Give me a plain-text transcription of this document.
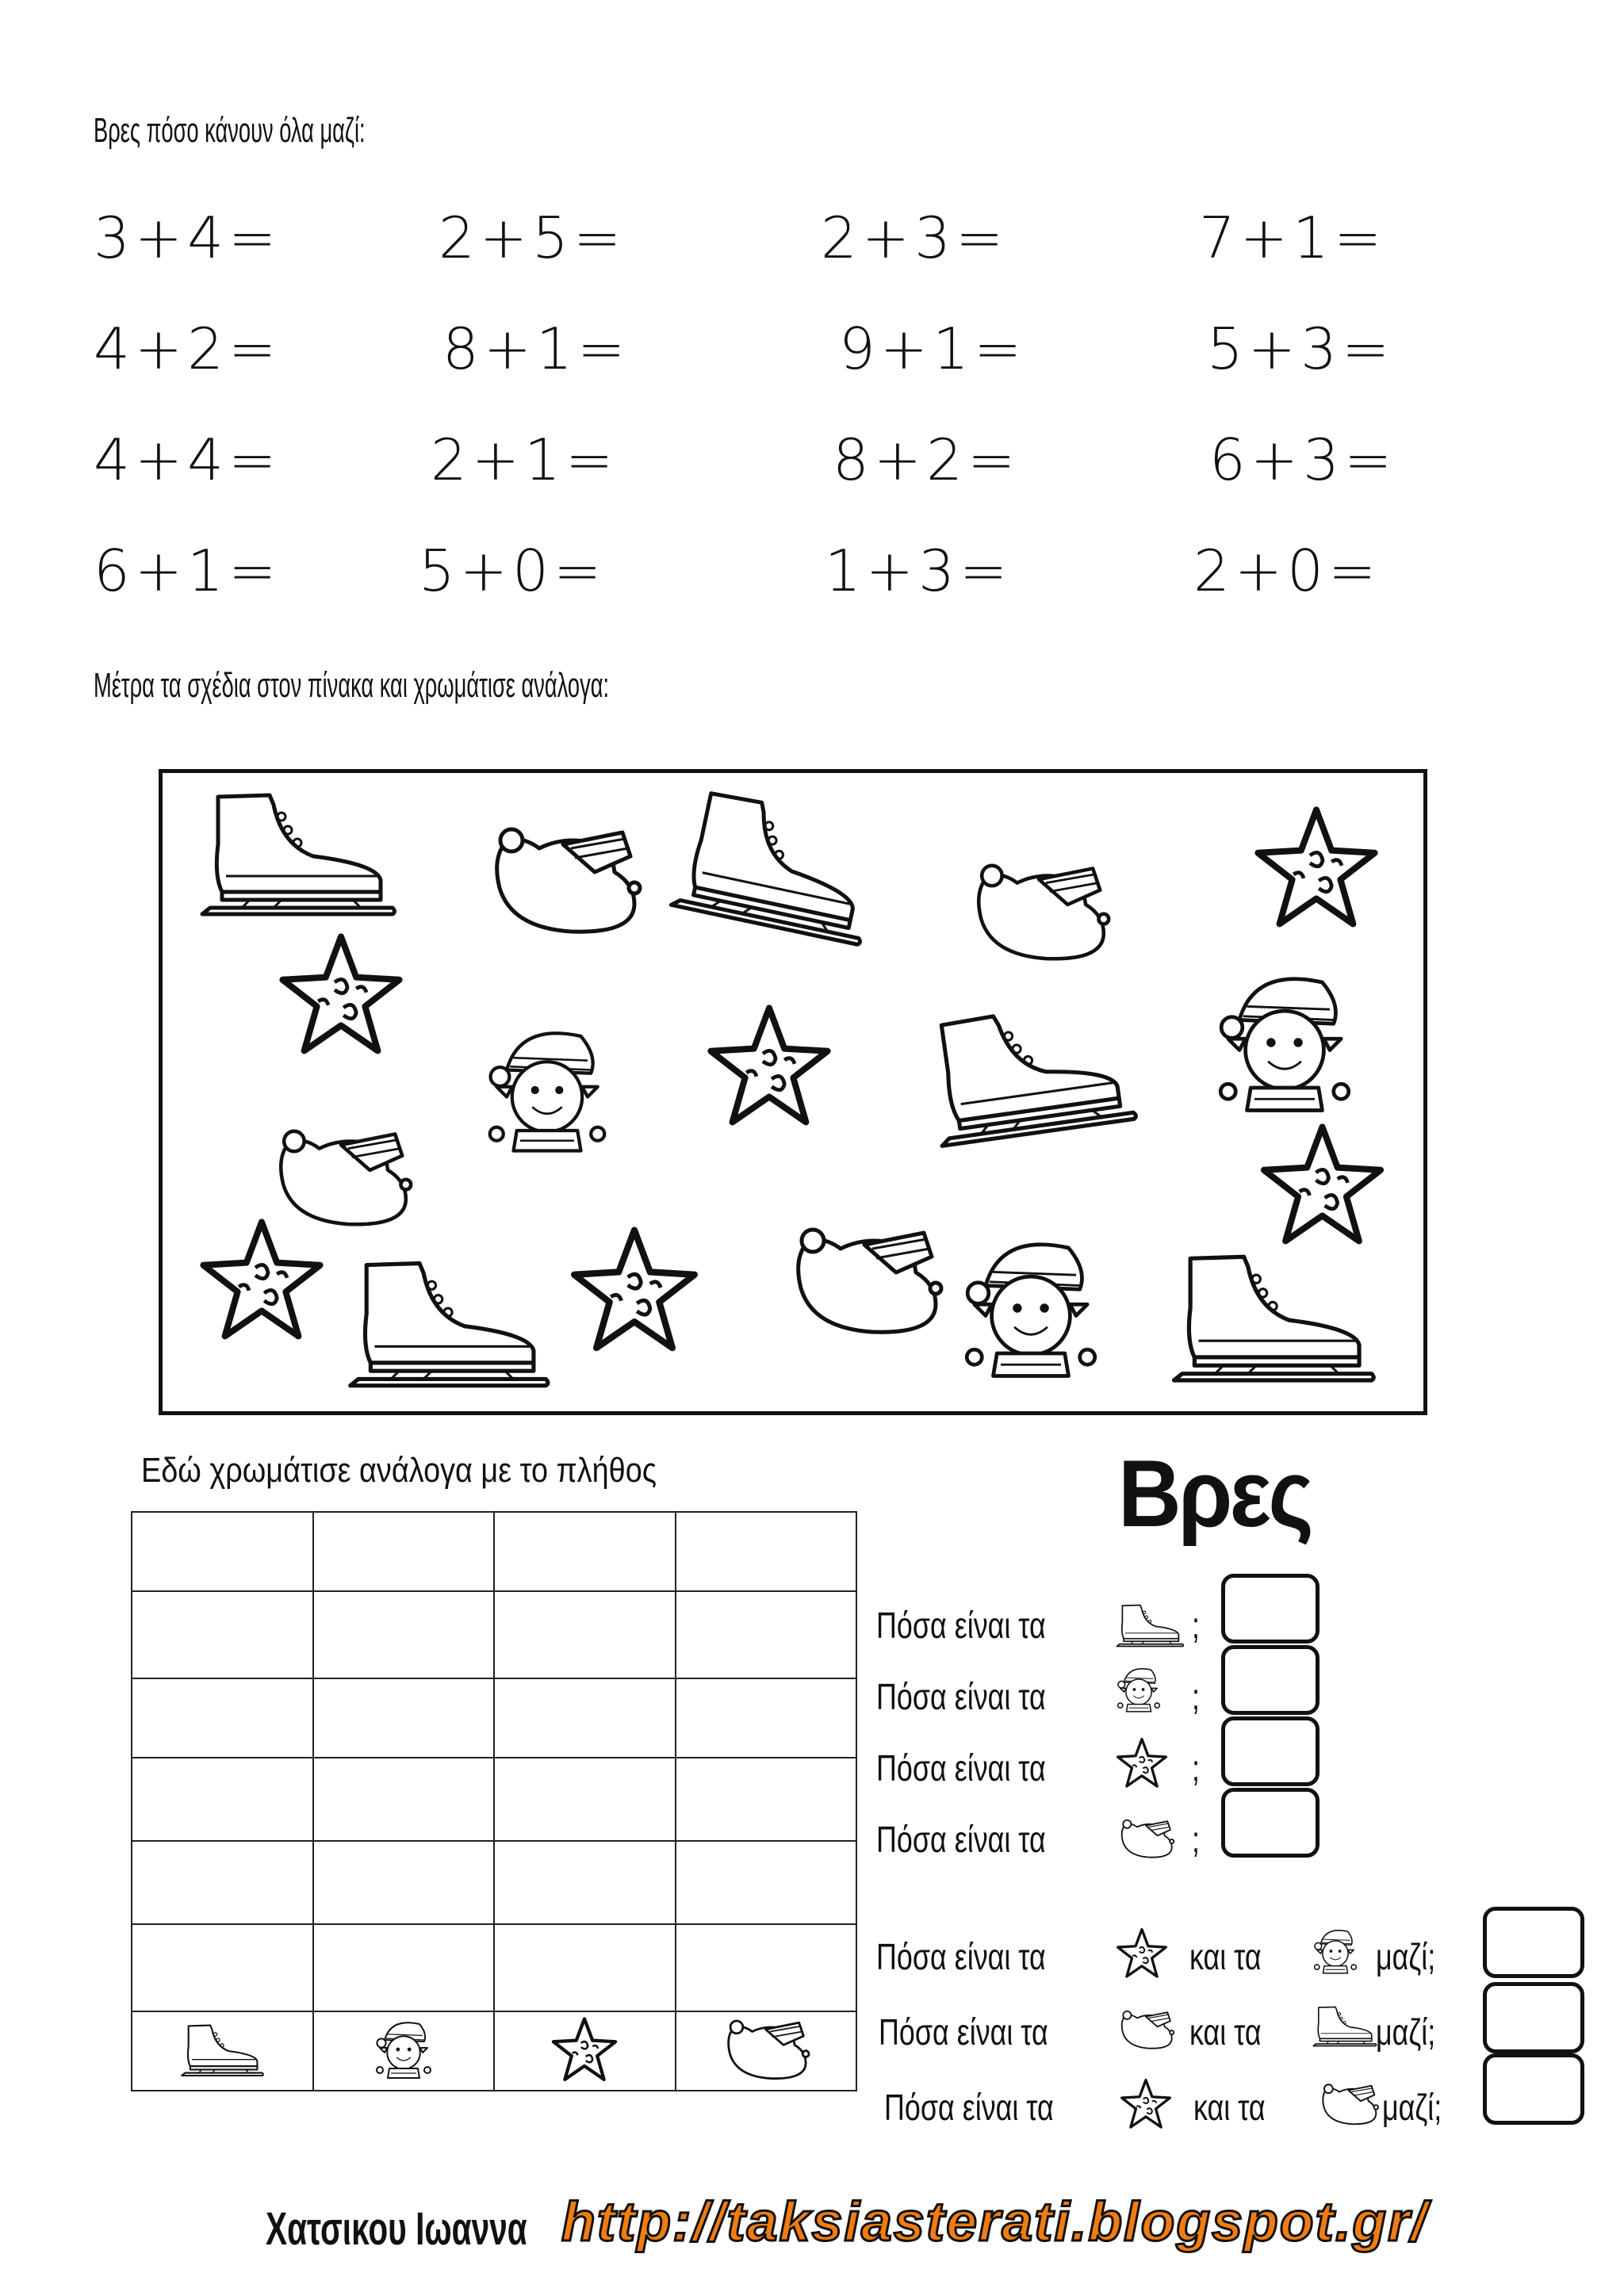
Βρες πόσο κάνουν όλα μαζί:
3+4=	2+5=	2+3=	7+1=
4+2=	8+1=	9+1=	5+3=
4+4=	2+1=	8+2=	6+3=
6+1= 5+0=	1+3=	2+0=
Μέτρα τα σχέδια στον πίνακα και χρωμάτισε ανάλογα:
Εδώ χρωμάτισε ανάλογα με το πλήθος

				Βρες
Πόσα είναι τα	;
Πόσα είναι τα	;
Πόσα είναι τα	;
Πόσα είναι τα	;
Πόσα είναι τα	και τα	μαζί;
Πόσα είναι τα	και τα	μαζί;
Πόσα είναι τα	και τα	μαζί;
Χατσικου Ιωαννα http://taksiasterati.blogspot.gr/
